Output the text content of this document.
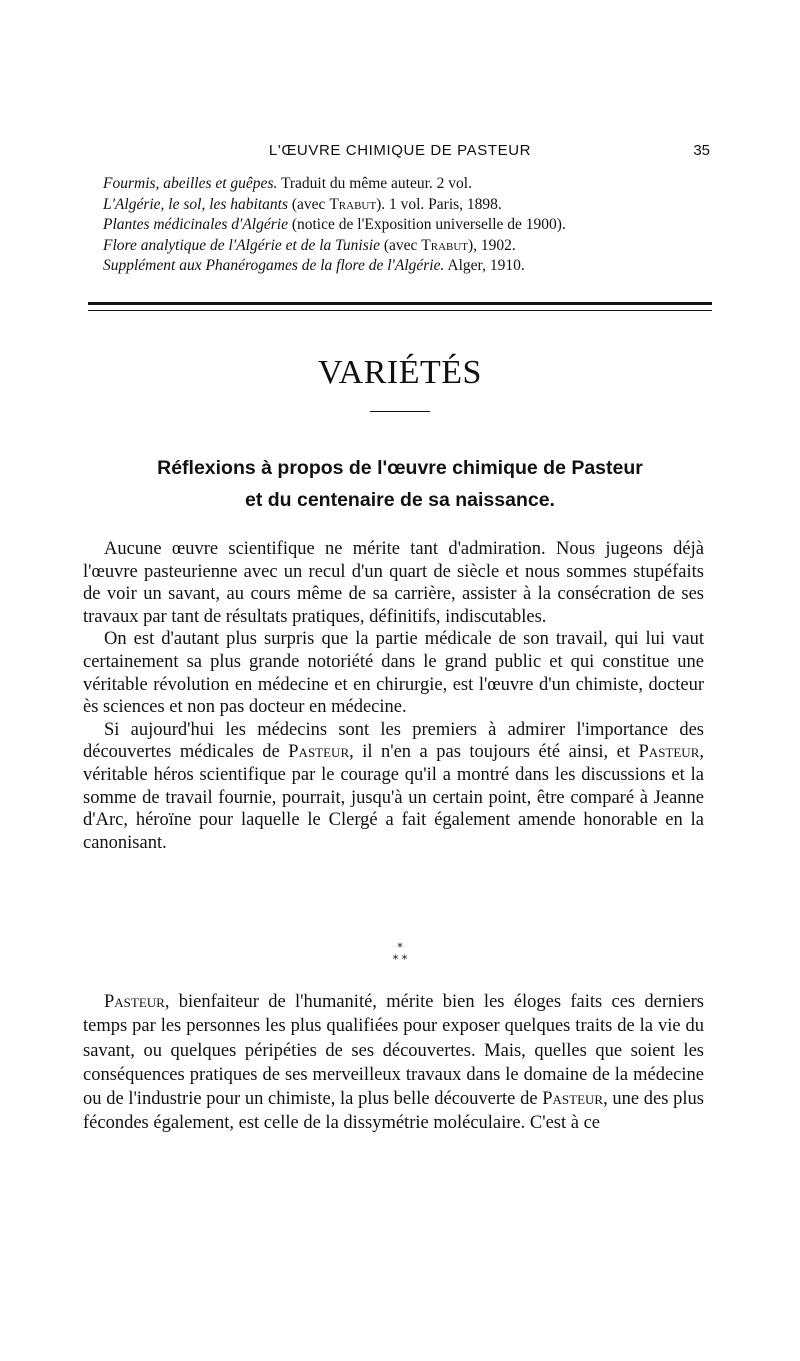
L'ŒUVRE CHIMIQUE DE PASTEUR	35
Fourmis, abeilles et guêpes. Traduit du même auteur. 2 vol.
L'Algérie, le sol, les habitants (avec Trabut). 1 vol. Paris, 1898.
Plantes médicinales d'Algérie (notice de l'Exposition universelle de 1900).
Flore analytique de l'Algérie et de la Tunisie (avec Trabut), 1902.
Supplément aux Phanérogames de la flore de l'Algérie. Alger, 1910.
VARIÉTÉS
Réflexions à propos de l'œuvre chimique de Pasteur
et du centenaire de sa naissance.

Aucune œuvre scientifique ne mérite tant d'admiration. Nous jugeons déjà l'œuvre pasteurienne avec un recul d'un quart de siècle et nous sommes stupéfaits de voir un savant, au cours même de sa carrière, assister à la consécration de ses travaux par tant de résultats pratiques, définitifs, indiscutables.

On est d'autant plus surpris que la partie médicale de son travail, qui lui vaut certainement sa plus grande notoriété dans le grand public et qui constitue une véritable révolution en médecine et en chirurgie, est l'œuvre d'un chimiste, docteur ès sciences et non pas docteur en médecine.

Si aujourd'hui les médecins sont les premiers à admirer l'importance des découvertes médicales de Pasteur, il n'en a pas toujours été ainsi, et Pasteur, véritable héros scientifique par le courage qu'il a montré dans les discussions et la somme de travail fournie, pourrait, jusqu'à un certain point, être comparé à Jeanne d'Arc, héroïne pour laquelle le Clergé a fait également amende honorable en la canonisant.

*
* *

Pasteur, bienfaiteur de l'humanité, mérite bien les éloges faits ces derniers temps par les personnes les plus qualifiées pour exposer quelques traits de la vie du savant, ou quelques péripéties de ses découvertes. Mais, quelles que soient les conséquences pratiques de ses merveilleux travaux dans le domaine de la médecine ou de l'industrie pour un chimiste, la plus belle découverte de Pasteur, une des plus fécondes également, est celle de la dissymétrie moléculaire. C'est à ce
